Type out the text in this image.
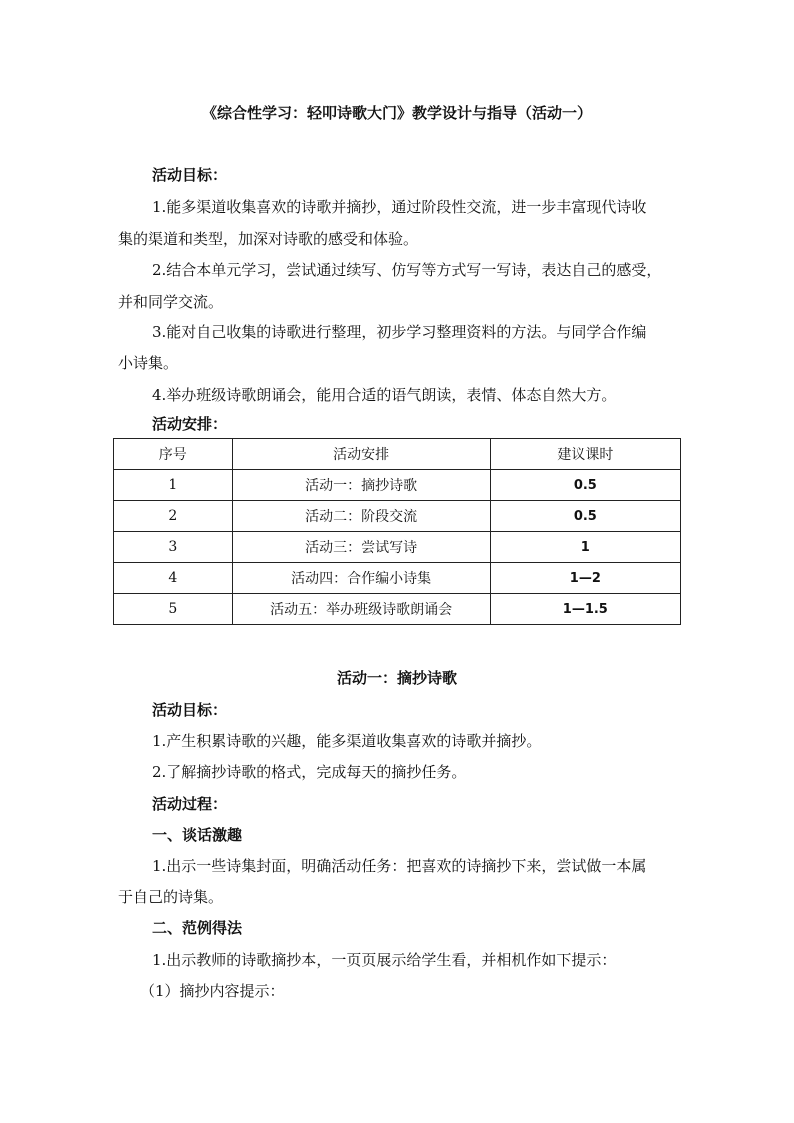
《综合性学习：轻叩诗歌大门》教学设计与指导（活动一）
活动目标：
1.能多渠道收集喜欢的诗歌并摘抄，通过阶段性交流，进一步丰富现代诗收
集的渠道和类型，加深对诗歌的感受和体验。
2.结合本单元学习，尝试通过续写、仿写等方式写一写诗，表达自己的感受，
并和同学交流。
3.能对自己收集的诗歌进行整理，初步学习整理资料的方法。与同学合作编
小诗集。
4.举办班级诗歌朗诵会，能用合适的语气朗读，表情、体态自然大方。
活动安排：
序号	活动安排	建议课时
1	活动一：摘抄诗歌	0.5
2	活动二：阶段交流	0.5
3	活动三：尝试写诗	1
4	活动四：合作编小诗集	1—2
5	活动五：举办班级诗歌朗诵会	1—1.5
活动一：摘抄诗歌
活动目标：
1.产生积累诗歌的兴趣，能多渠道收集喜欢的诗歌并摘抄。
2.了解摘抄诗歌的格式，完成每天的摘抄任务。
活动过程：
一、谈话激趣
1.出示一些诗集封面，明确活动任务：把喜欢的诗摘抄下来，尝试做一本属
于自己的诗集。
二、范例得法
1.出示教师的诗歌摘抄本，一页页展示给学生看，并相机作如下提示：
（1）摘抄内容提示：
